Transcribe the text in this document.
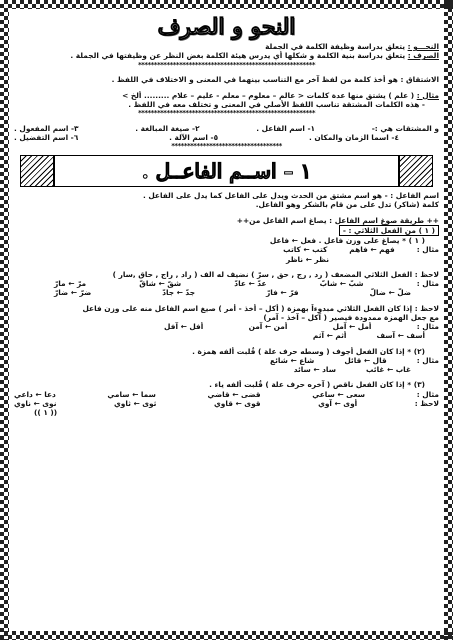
النحو و الصرف
النحـــو : يتعلق بدراسة وظيفة الكلمة في الجملة
الصرف : يتعلق بدراسة بنية الكلمة و شكلها أي يدرس هيئة الكلمة بغض النظر عن وظيفتها في الجملة .
********************************************************
الاشتقاق : هو أخذ كلمة من لفظ آخر مع التناسب بينهما في المعنى و الاختلاف في اللفظ .
مثال : ( علم ) يشتق منها عدة كلمات < عالم – معلوم – معلم - عليم – علام ......... ألخ >
- هذه الكلمات المشتقة تناسب اللفظ الأصلي في المعنى و تختلف معه في اللفظ .
********************************************************
و المشتقات هي :-
١- اسم الفاعل .
٢- صيغة المبالغة .
٣- اسم المفعول .
٤- اسما الزمان والمكان .
٥- اسم الآلة .
٦- اسم التفضيل .
***********************************
١ – اســم الفاعــل .
اسم الفاعل : - هو اسم مشتق من الحدث ويدل على الفاعل كما يدل على الفاعل .
كلمة (شاكر) تدل على من قام بالشكر وهو الفاعل.
++ طريقة صوغ اسم الفاعل : يصاغ اسم الفاعل من++
( ١ ) من الفعل الثلاثي : -
( ١ ) * يصاغ على وزن فاعل . فعل ← فاعل
مثال :
فهم ← فاهم
كتب ← كاتب
نظر ← ناظر
لاحظ : الفعل الثلاثي المضعف ( رد , رج , حق , سرّ ) نضيف له الف ( راد , راج , حاق ,سار )
مثال :
شبّ ← شابّ
عدّ ← عادّ
شقّ ← شاقّ
مرّ ← مارّ
ضلّ ← ضالّ
فرّ ← فارّ
جدّ ← جادّ
ضرّ ← ضارّ
لاحظ : إذا كان الفعل الثلاثي مبدوءاً بهمزة ( أكل – أخذ - أمر ) صيغ اسم الفاعل منه على وزن فاعل
مع جعل الهمزة ممدودة فيصير ( آكل – آخذ - آمر)
مثال :
أمل ← آمل
أمن ← آمن
أفل ← آفل
أسف ← آسف
أثم ← آثم
(٢) * إذا كان الفعل أجوف ( وسطه حرف علة ) قُلبت ألفه همزة .
مثال :
قال ← قائل
شاع ← شائع
غاب ← غائب
ساد ← سائد
(٣) * إذا كان الفعل ناقص ( آخره حرف علة ) قُلبت ألفه ياء .
مثال :
سعى ← ساعي
قضى ← قاضي
سما ← سامي
دعا ← داعي
لاحظ :
أوى ← آوي
قوى ← قاوي
ثوى ← ثاوي
نوى ← ناوي
(( ١ ))
